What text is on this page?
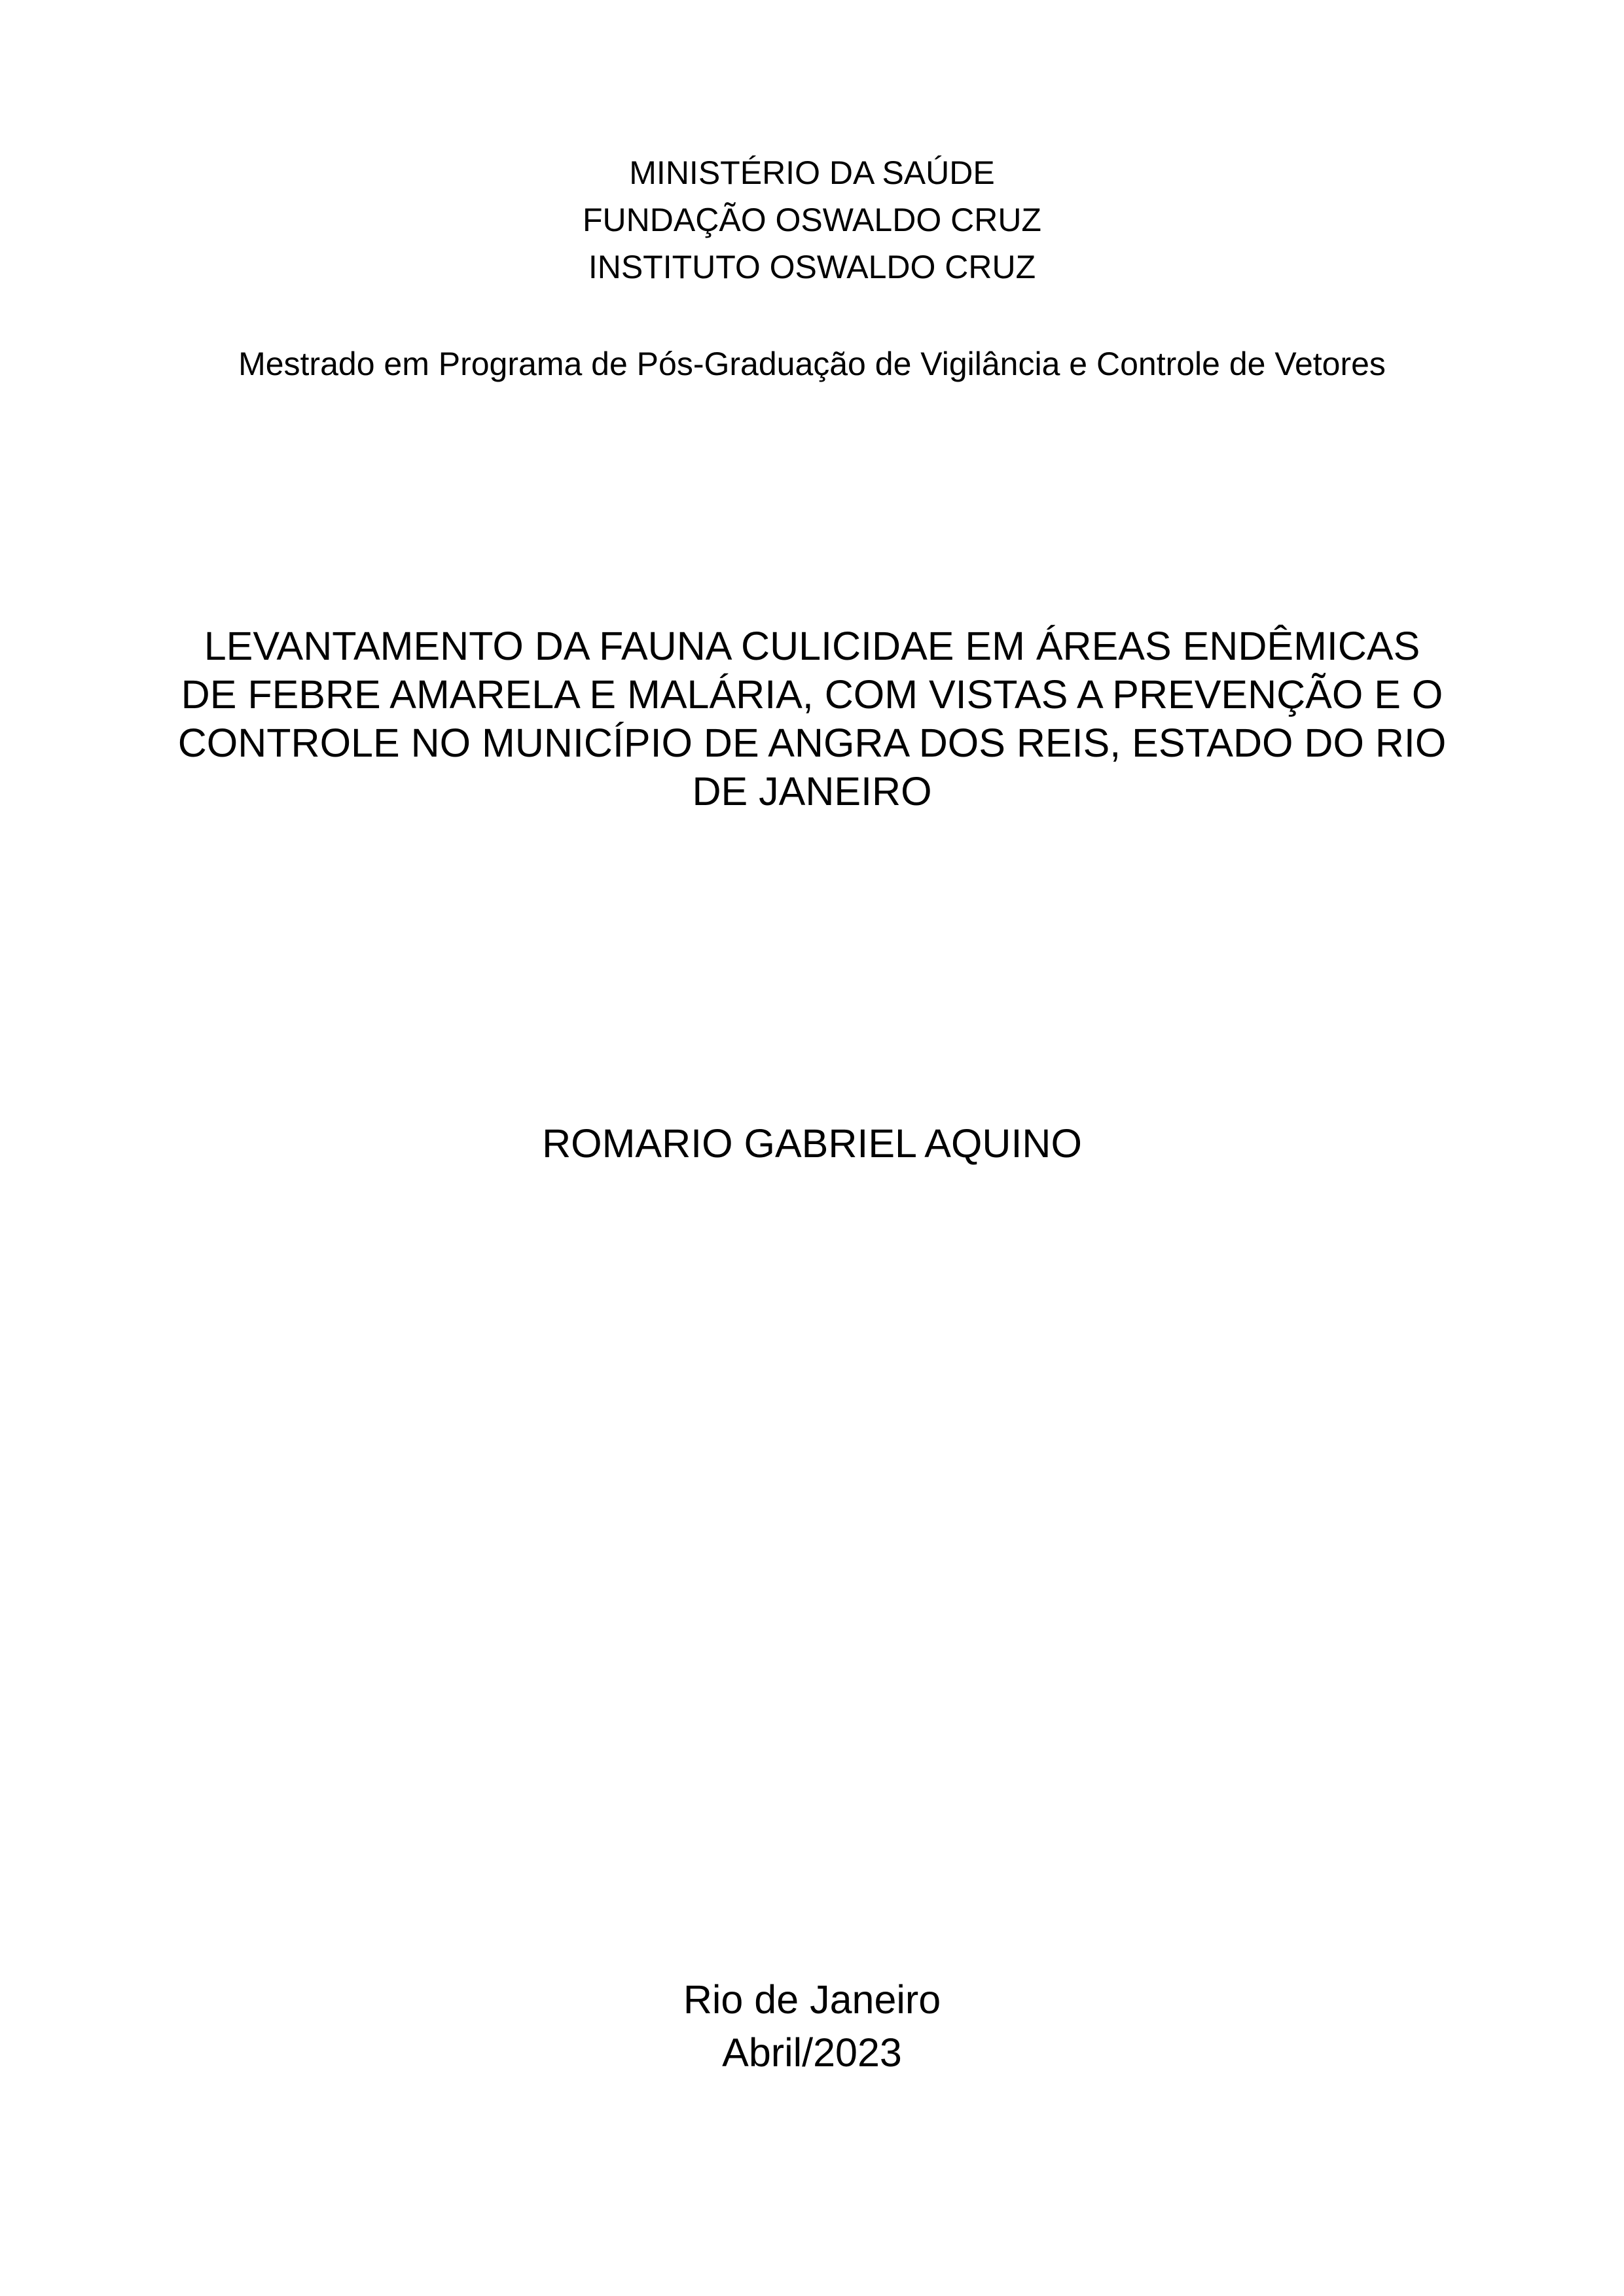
MINISTÉRIO DA SAÚDE
FUNDAÇÃO OSWALDO CRUZ
INSTITUTO OSWALDO CRUZ
Mestrado em Programa de Pós-Graduação de Vigilância e Controle de Vetores
LEVANTAMENTO DA FAUNA CULICIDAE EM ÁREAS ENDÊMICAS
DE FEBRE AMARELA E MALÁRIA, COM VISTAS A PREVENÇÃO E O
CONTROLE NO MUNICÍPIO DE ANGRA DOS REIS, ESTADO DO RIO
DE JANEIRO
ROMARIO GABRIEL AQUINO
Rio de Janeiro
Abril/2023
